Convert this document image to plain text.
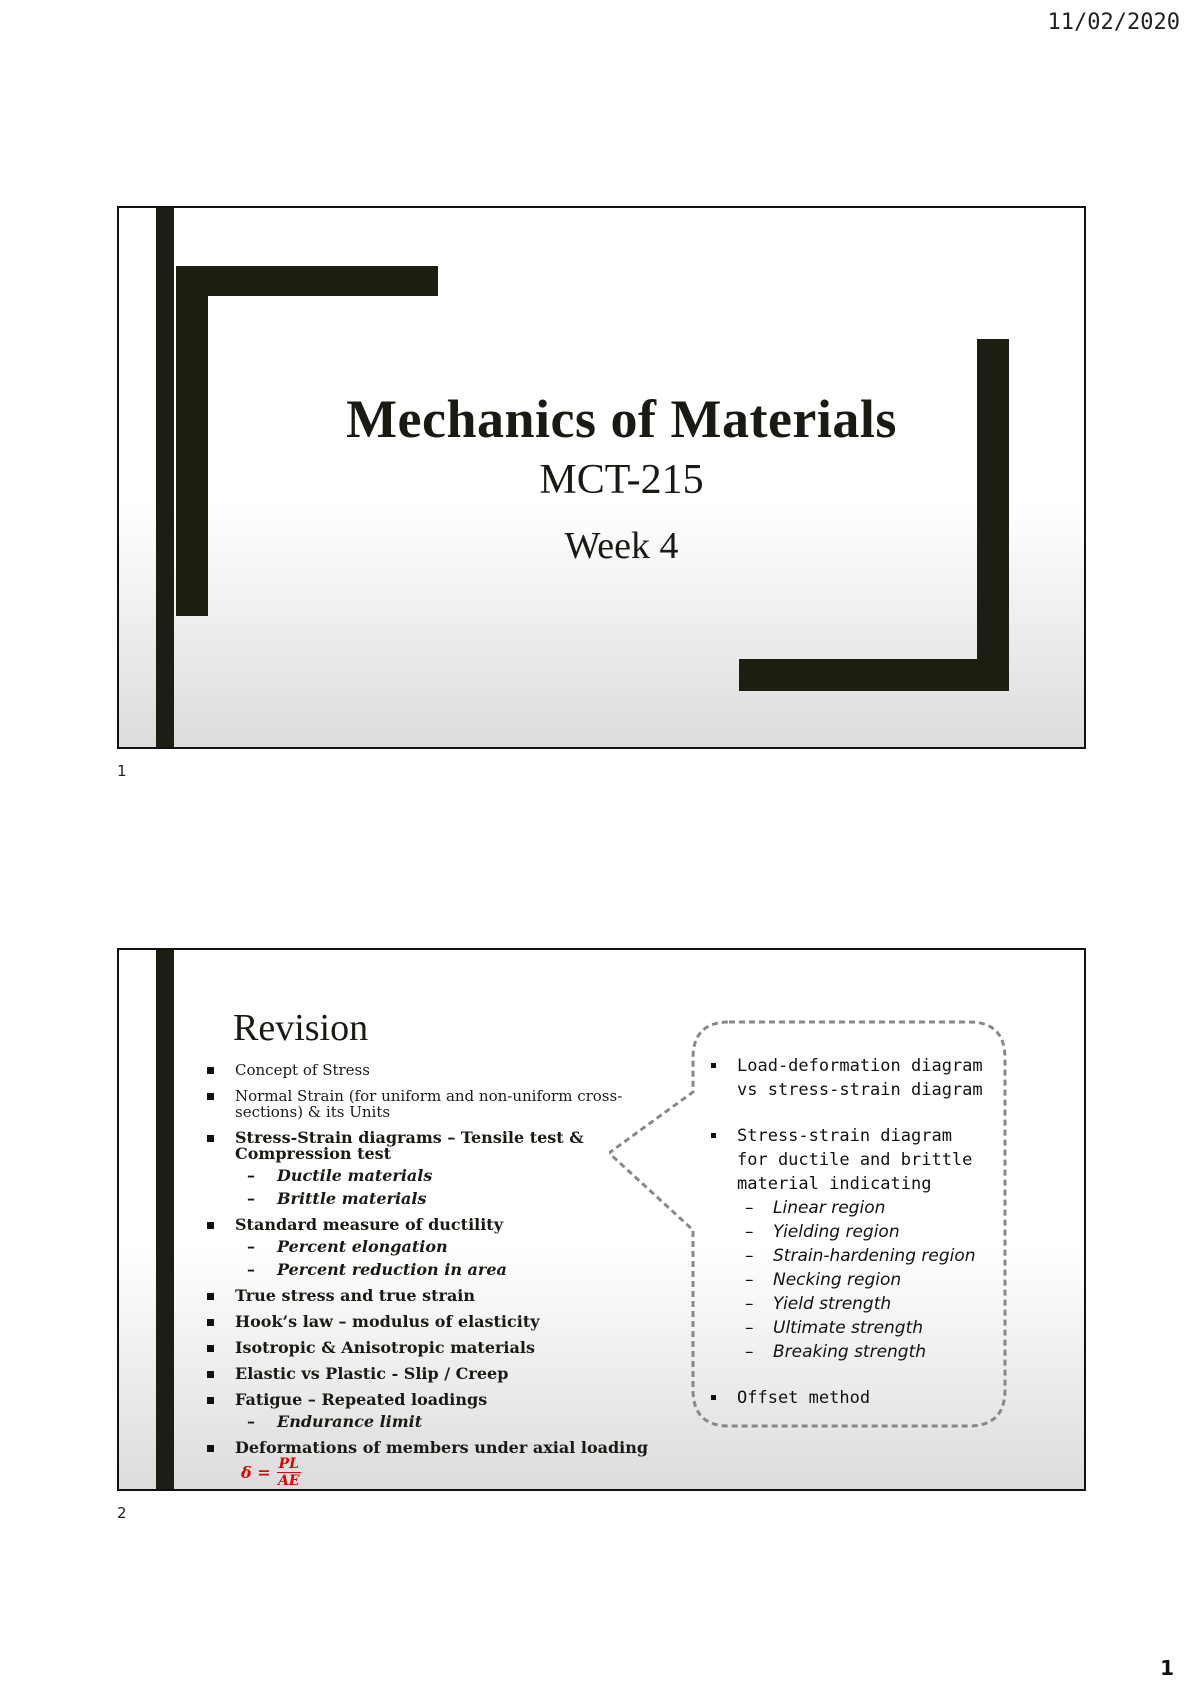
11/02/2020
Mechanics of Materials
MCT-215
Week 4
1
Revision
Concept of Stress
Normal Strain (for uniform and non-uniform cross-sections) & its Units
Stress-Strain diagrams – Tensile test & Compression test
– Ductile materials
– Brittle materials
Standard measure of ductility
– Percent elongation
– Percent reduction in area
True stress and true strain
Hook’s law – modulus of elasticity
Isotropic & Anisotropic materials
Elastic vs Plastic - Slip / Creep
Fatigue – Repeated loadings
– Endurance limit
Deformations of members under axial loading
$\delta = \frac{PL}{AE}$
Load-deformation diagram vs stress-strain diagram
Stress-strain diagram for ductile and brittle material indicating
– Linear region
– Yielding region
– Strain-hardening region
– Necking region
– Yield strength
– Ultimate strength
– Breaking strength
Offset method
2
1
